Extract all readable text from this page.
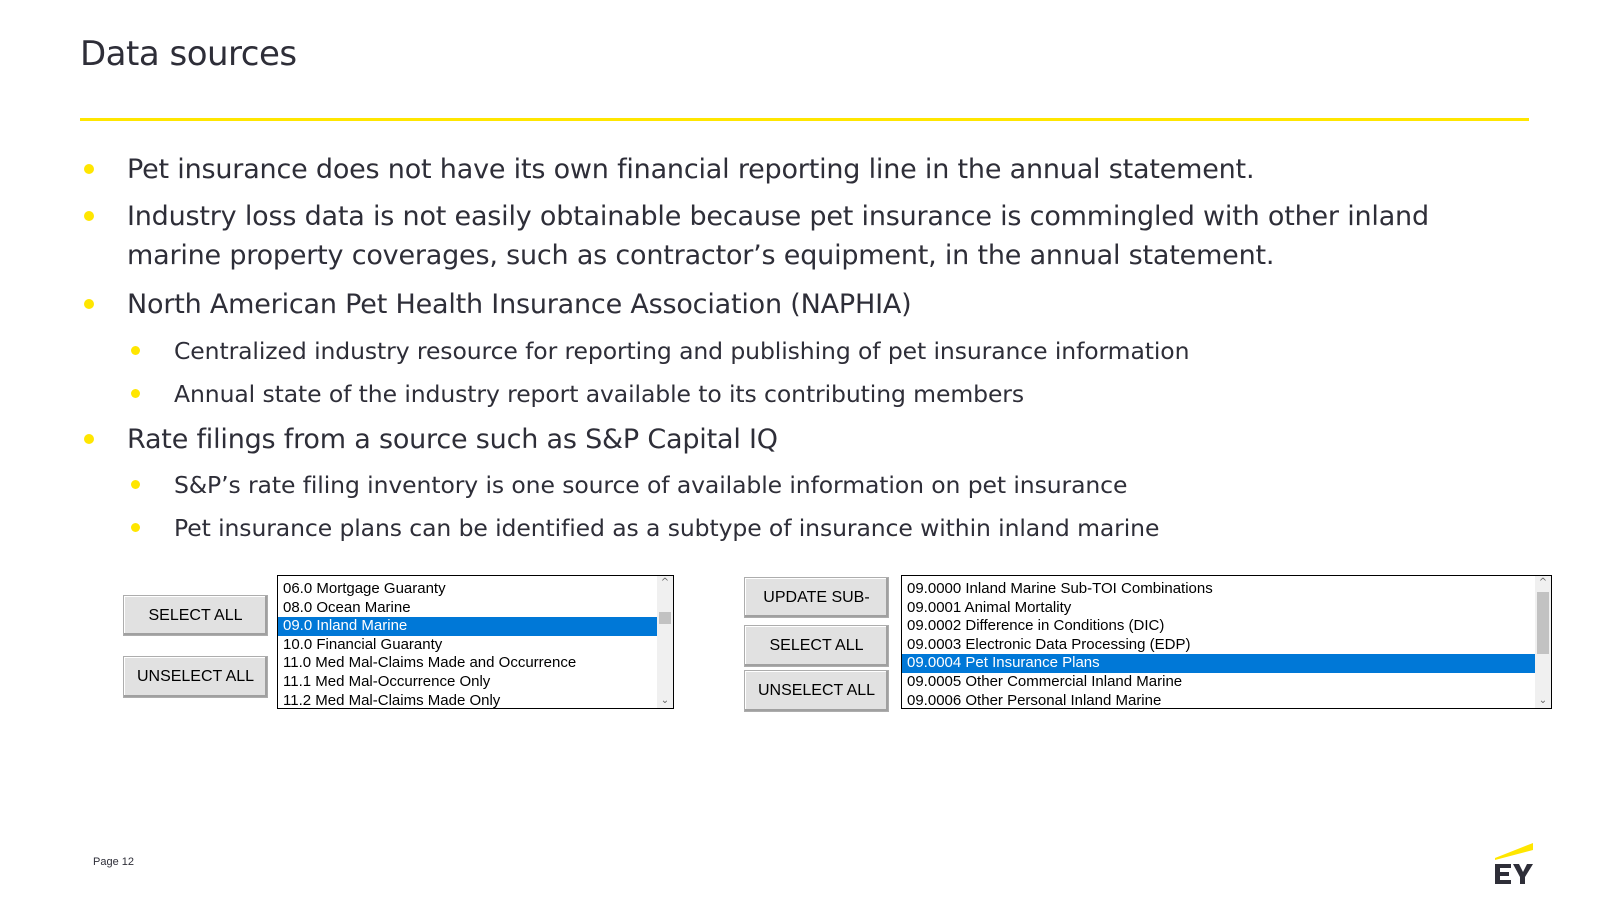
Data sources
Pet insurance does not have its own financial reporting line in the annual statement.
Industry loss data is not easily obtainable because pet insurance is commingled with other inland
marine property coverages, such as contractor’s equipment, in the annual statement.
North American Pet Health Insurance Association (NAPHIA)
Centralized industry resource for reporting and publishing of pet insurance information
Annual state of the industry report available to its contributing members
Rate filings from a source such as S&P Capital IQ
S&P’s rate filing inventory is one source of available information on pet insurance
Pet insurance plans can be identified as a subtype of insurance within inland marine
SELECT ALL
UNSELECT ALL
06.0 Mortgage Guaranty
08.0 Ocean Marine
09.0 Inland Marine
10.0 Financial Guaranty
11.0 Med Mal-Claims Made and Occurrence
11.1 Med Mal-Occurrence Only
11.2 Med Mal-Claims Made Only
^
⌄
UPDATE SUB-
SELECT ALL
UNSELECT ALL
09.0000 Inland Marine Sub-TOI Combinations
09.0001 Animal Mortality
09.0002 Difference in Conditions (DIC)
09.0003 Electronic Data Processing (EDP)
09.0004 Pet Insurance Plans
09.0005 Other Commercial Inland Marine
09.0006 Other Personal Inland Marine
^
⌄
Page 12
